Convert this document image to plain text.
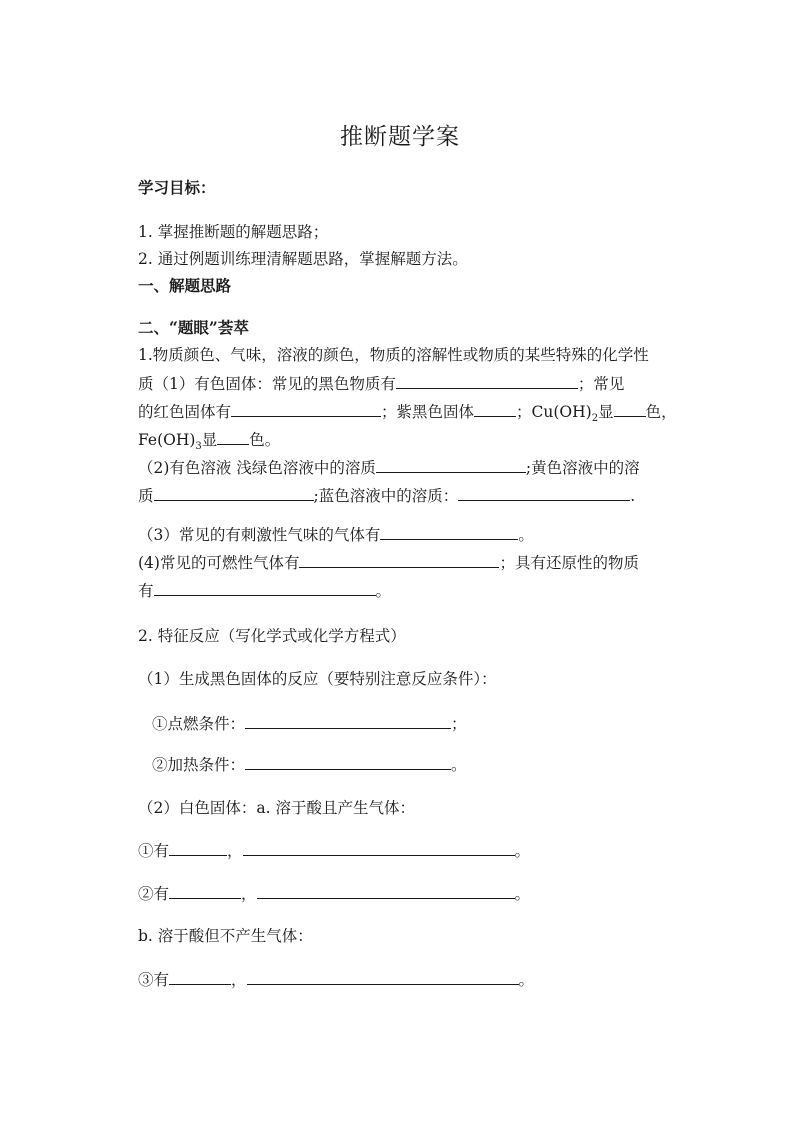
推断题学案
学习目标：
1. 掌握推断题的解题思路；
2. 通过例题训练理清解题思路，掌握解题方法。
一、解题思路
二、“题眼”荟萃
1.物质颜色、气味，溶液的颜色，物质的溶解性或物质的某些特殊的化学性
质（1）有色固体：常见的黑色物质有	；常见
的红色固体有	；紫黑色固体	；$Cu(OH)_2$显 色，
$Fe(OH)_3$显 色。
（2)有色溶液 浅绿色溶液中的溶质	;黄色溶液中的溶
质	;蓝色溶液中的溶质：	.
（3）常见的有刺激性气味的气体有	。
(4)常见的可燃性气体有	；具有还原性的物质
有	。
2. 特征反应（写化学式或化学方程式）
（1）生成黑色固体的反应（要特别注意反应条件）：
①点燃条件：	；
②加热条件：	。
（2）白色固体：a. 溶于酸且产生气体：
①有	，	。
②有	，	。
b. 溶于酸但不产生气体：
③有	，	。
